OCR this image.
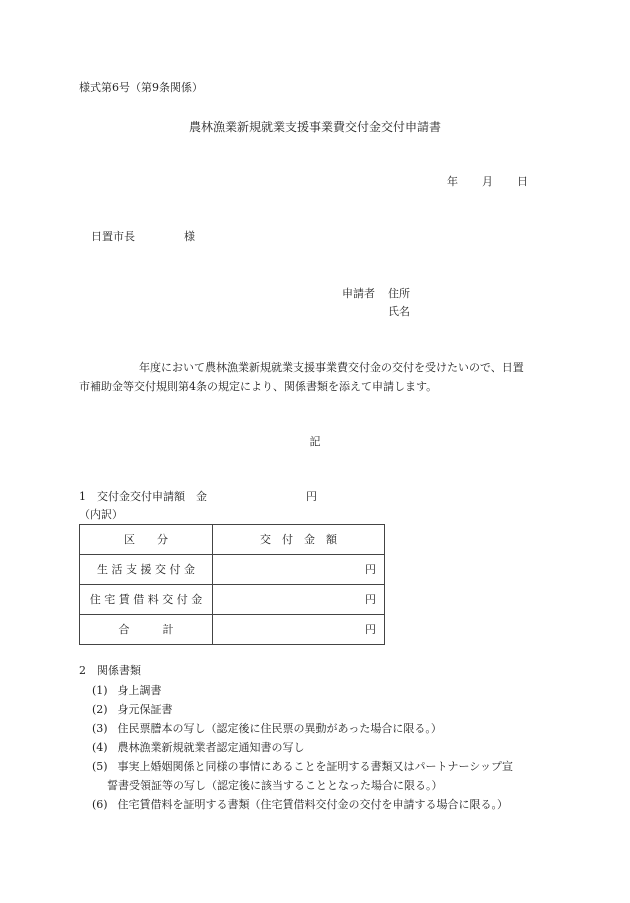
様式第6号（第9条関係）
農林漁業新規就業支援事業費交付金交付申請書
年 月 日
日置市長	様
申請者 住所
氏名
年度において農林漁業新規就業支援事業費交付金の交付を受けたいので、日置
市補助金等交付規則第4条の規定により、関係書類を添えて申請します。
記
1　交付金交付申請額　金	円
（内訳）
区　　分	交　付　金　額
生 活 支 援 交 付 金	円
住 宅 賃 借 料 交 付 金	円
合　　　計	円
2　関係書類
(1) 身上調書
(2) 身元保証書
(3) 住民票謄本の写し（認定後に住民票の異動があった場合に限る。）
(4) 農林漁業新規就業者認定通知書の写し
(5) 事実上婚姻関係と同様の事情にあることを証明する書類又はパートナーシップ宣
誓書受領証等の写し（認定後に該当することとなった場合に限る。）
(6) 住宅賃借料を証明する書類（住宅賃借料交付金の交付を申請する場合に限る。）
